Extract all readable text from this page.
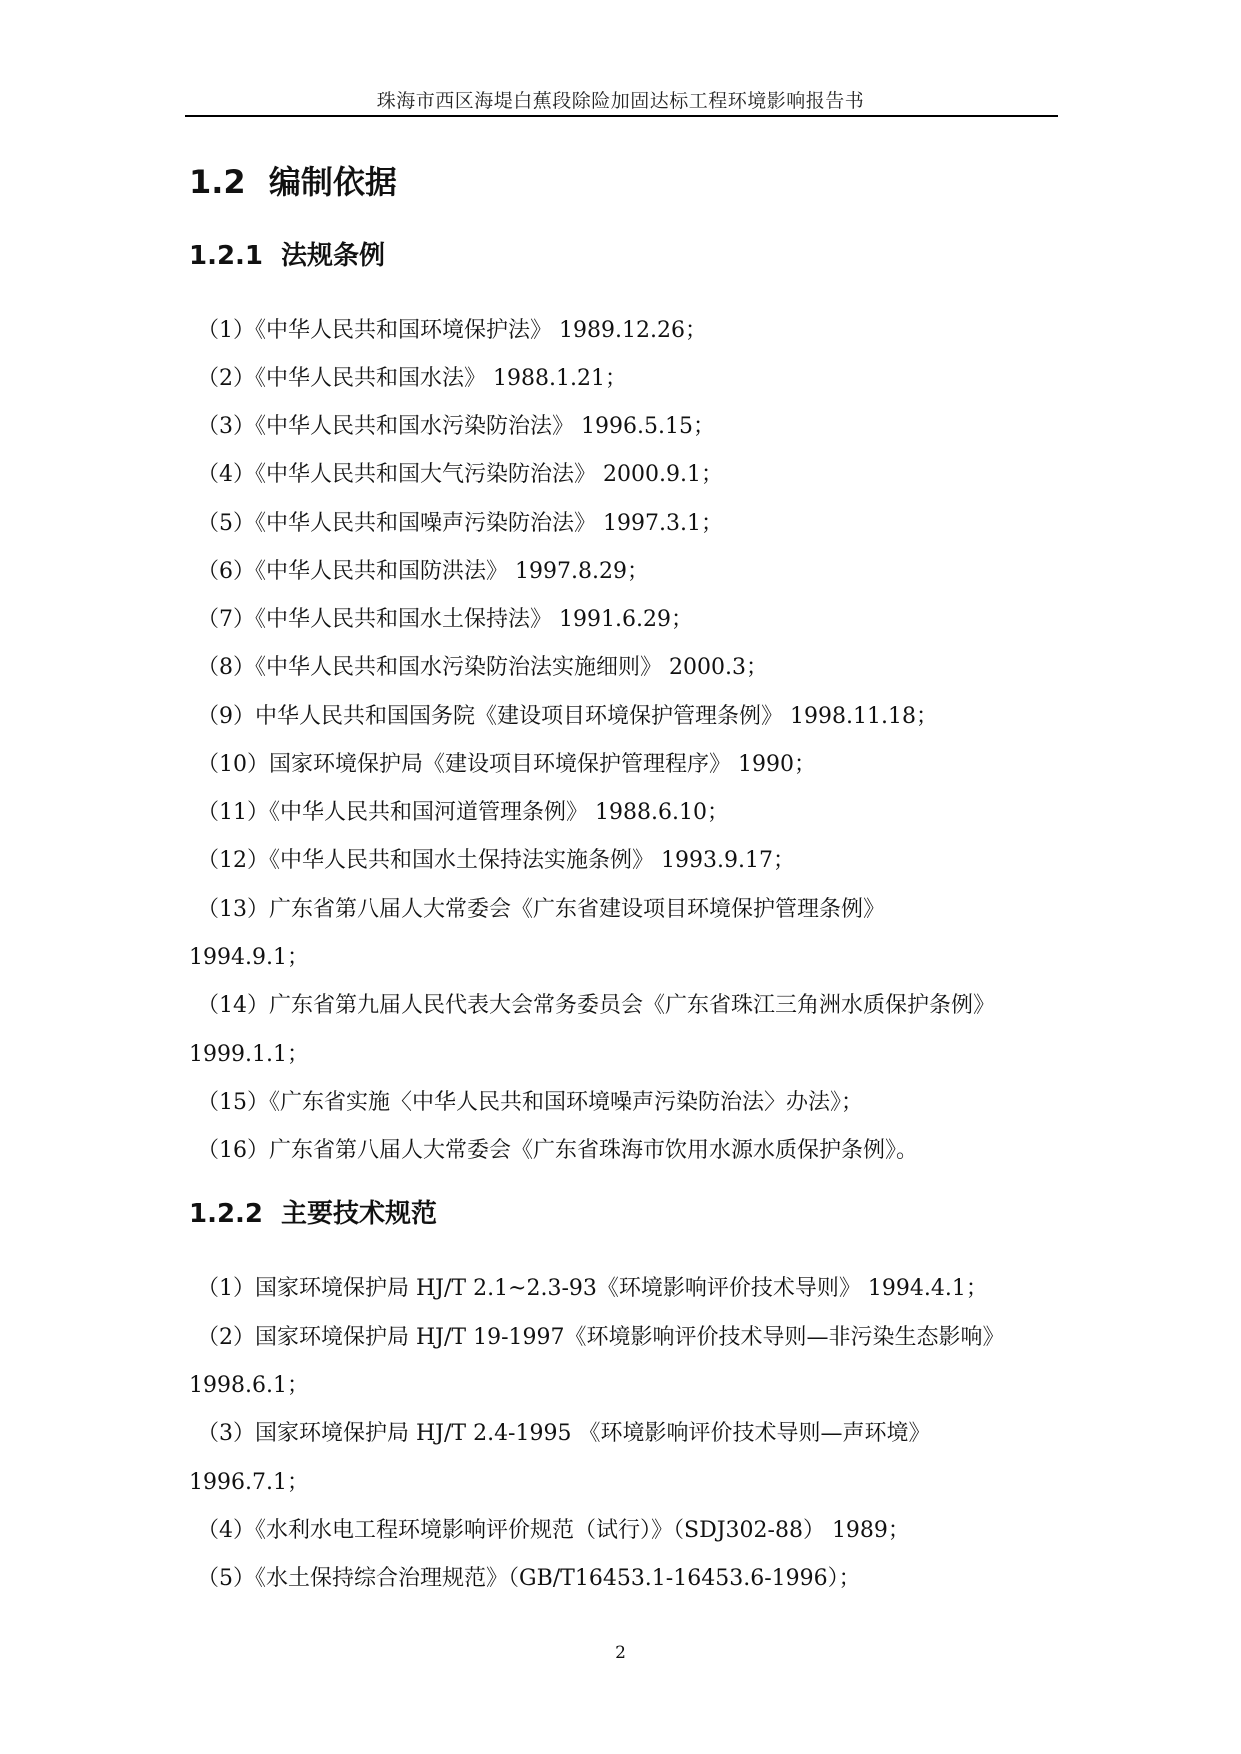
珠海市西区海堤白蕉段除险加固达标工程环境影响报告书
1.2 编制依据
1.2.1 法规条例
（1）《中华人民共和国环境保护法》 1989.12.26；
（2）《中华人民共和国水法》 1988.1.21；
（3）《中华人民共和国水污染防治法》 1996.5.15；
（4）《中华人民共和国大气污染防治法》 2000.9.1；
（5）《中华人民共和国噪声污染防治法》 1997.3.1；
（6）《中华人民共和国防洪法》 1997.8.29；
（7）《中华人民共和国水土保持法》 1991.6.29；
（8）《中华人民共和国水污染防治法实施细则》 2000.3；
（9）中华人民共和国国务院《建设项目环境保护管理条例》 1998.11.18；
（10）国家环境保护局《建设项目环境保护管理程序》 1990；
（11）《中华人民共和国河道管理条例》 1988.6.10；
（12）《中华人民共和国水土保持法实施条例》 1993.9.17；
（13）广东省第八届人大常委会《广东省建设项目环境保护管理条例》
1994.9.1；
（14）广东省第九届人民代表大会常务委员会《广东省珠江三角洲水质保护条例》
1999.1.1；
（15）《广东省实施〈中华人民共和国环境噪声污染防治法〉办法》；
（16）广东省第八届人大常委会《广东省珠海市饮用水源水质保护条例》。
1.2.2 主要技术规范
（1）国家环境保护局 HJ/T 2.1~2.3-93《环境影响评价技术导则》 1994.4.1；
（2）国家环境保护局 HJ/T 19-1997《环境影响评价技术导则—非污染生态影响》
1998.6.1；
（3）国家环境保护局 HJ/T 2.4-1995 《环境影响评价技术导则—声环境》
1996.7.1；
（4）《水利水电工程环境影响评价规范（试行）》（SDJ302-88） 1989；
（5）《水土保持综合治理规范》（GB/T16453.1-16453.6-1996）；
2
